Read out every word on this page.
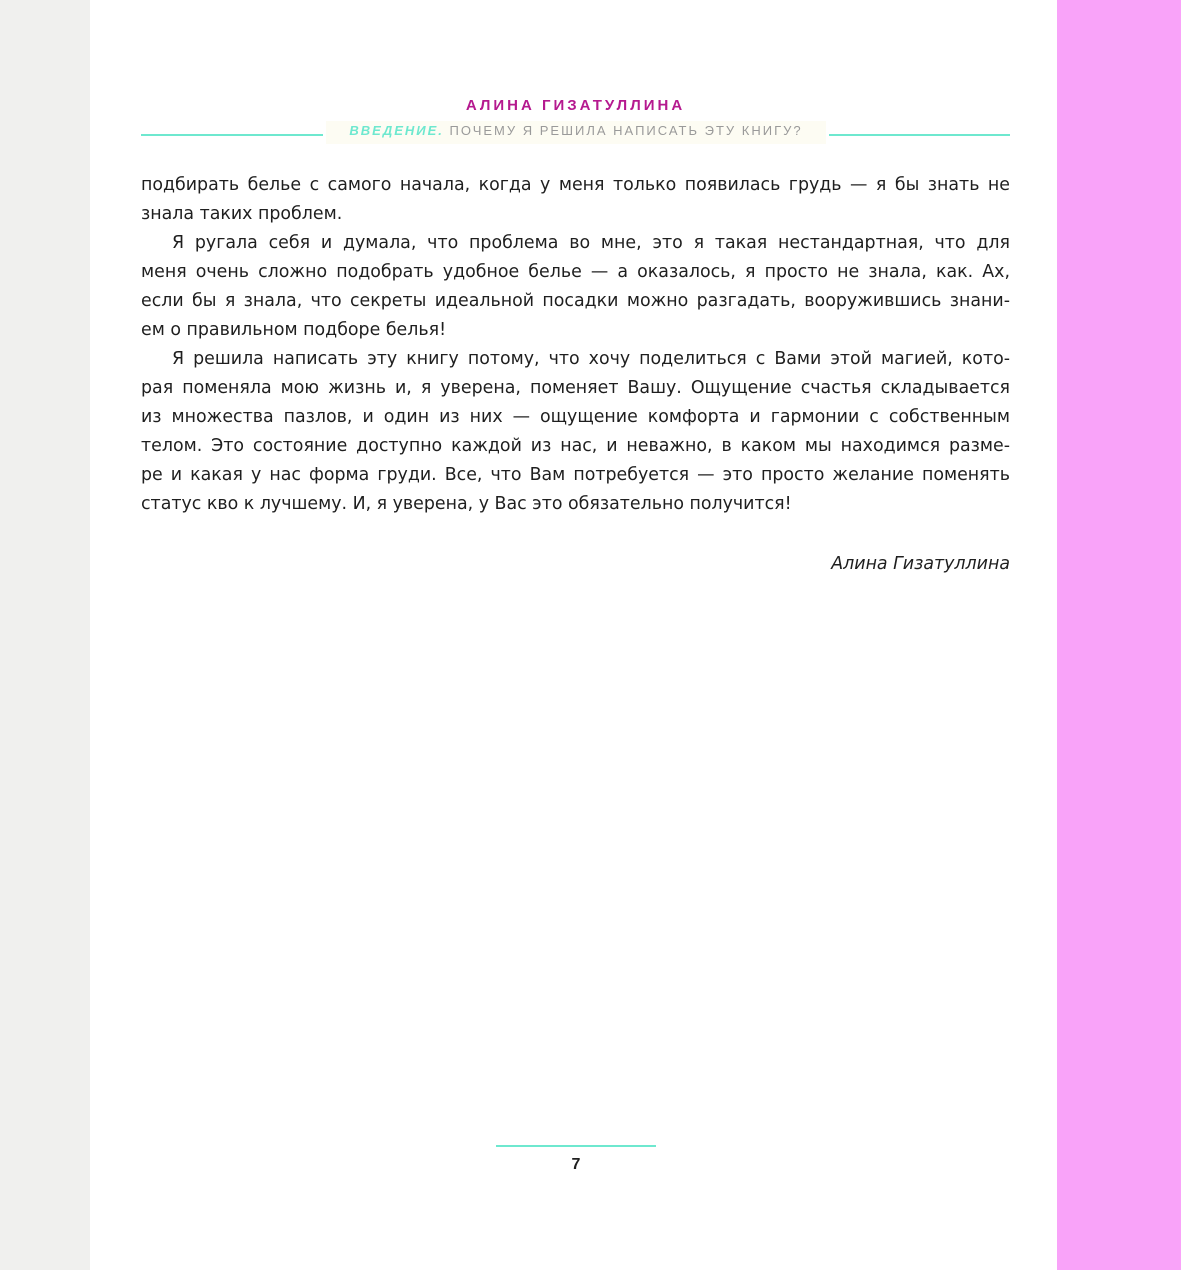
АЛИНА ГИЗАТУЛЛИНА
ВВЕДЕНИЕ. ПОЧЕМУ Я РЕШИЛА НАПИСАТЬ ЭТУ КНИГУ?
подбирать белье с самого начала, когда у меня только появилась грудь — я бы знать не
знала таких проблем.
Я ругала себя и думала, что проблема во мне, это я такая нестандартная, что для
меня очень сложно подобрать удобное белье — а оказалось, я просто не знала, как. Ах,
если бы я знала, что секреты идеальной посадки можно разгадать, вооружившись знани-
ем о правильном подборе белья!
Я решила написать эту книгу потому, что хочу поделиться с Вами этой магией, кото-
рая поменяла мою жизнь и, я уверена, поменяет Вашу. Ощущение счастья складывается
из множества пазлов, и один из них — ощущение комфорта и гармонии с собственным
телом. Это состояние доступно каждой из нас, и неважно, в каком мы находимся разме-
ре и какая у нас форма груди. Все, что Вам потребуется — это просто желание поменять
статус кво к лучшему. И, я уверена, у Вас это обязательно получится!
Алина Гизатуллина
7
